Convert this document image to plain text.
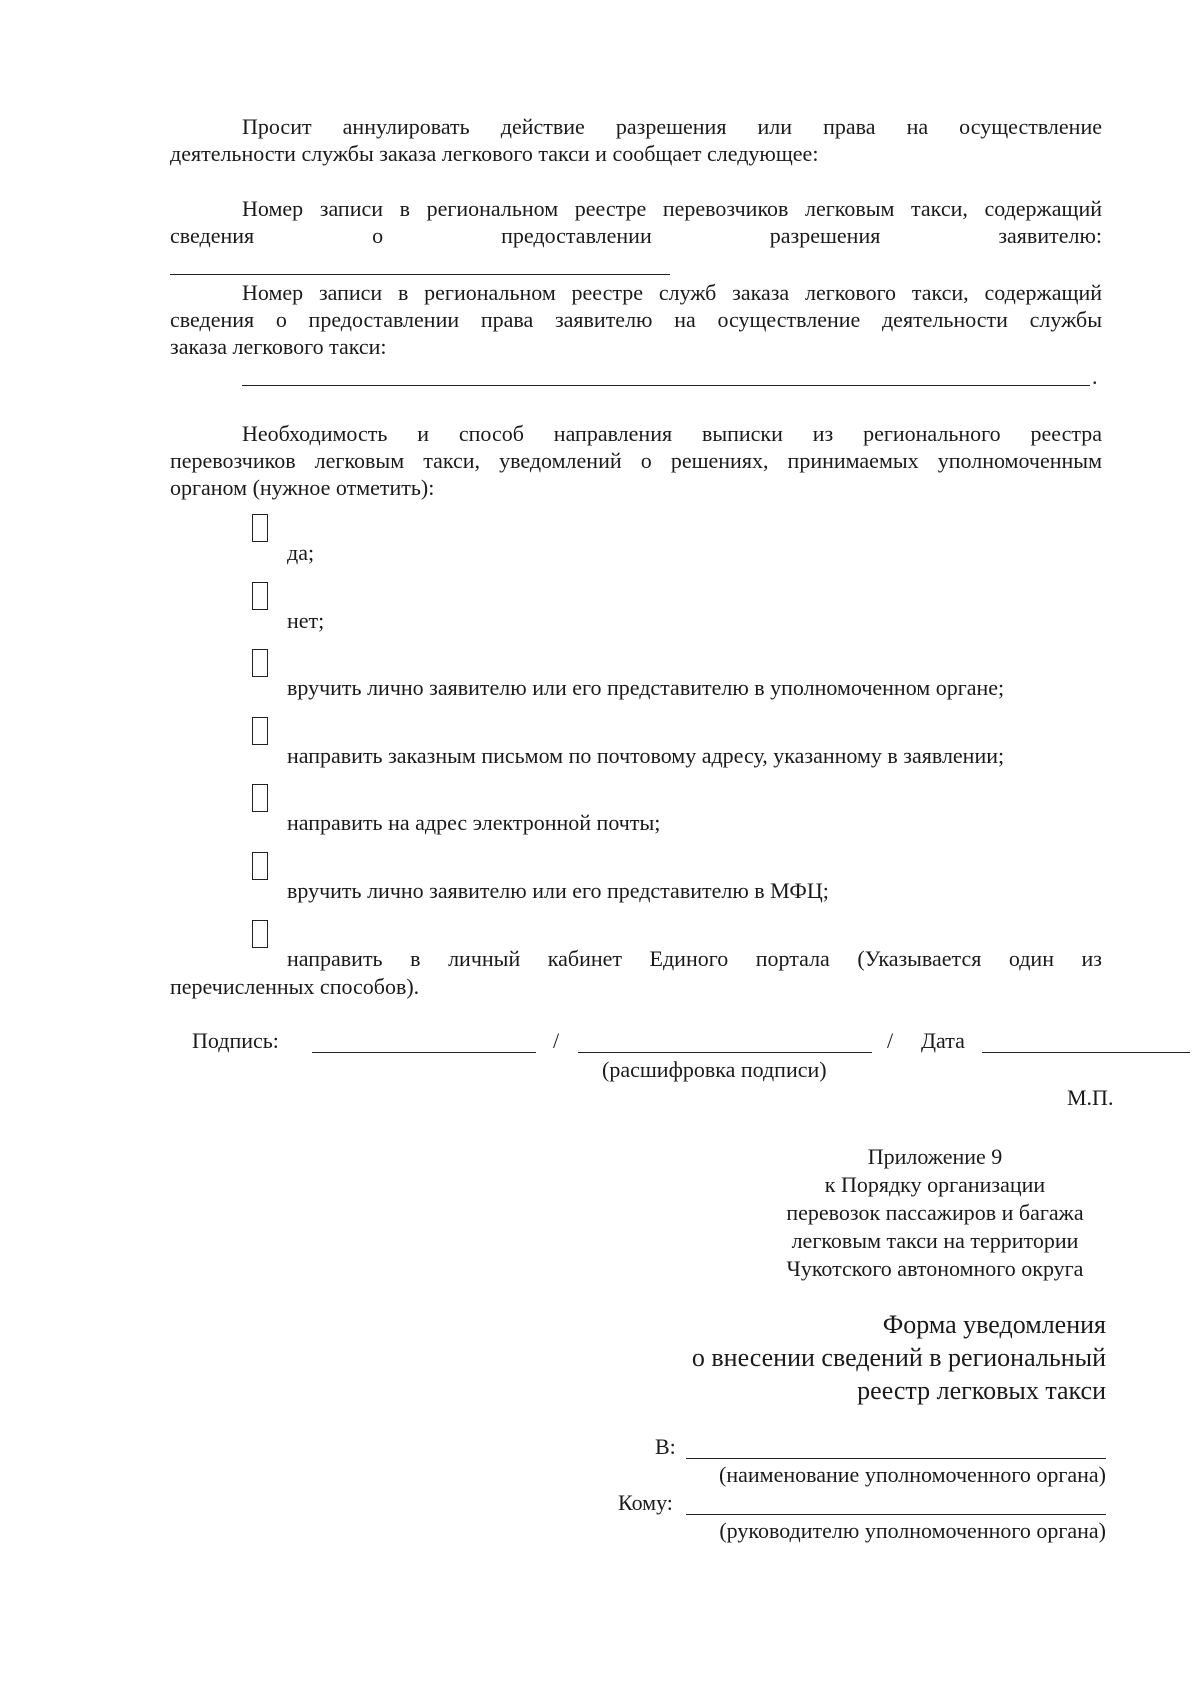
Просит аннулировать действие разрешения или права на осуществление
деятельности службы заказа легкового такси и сообщает следующее:
Номер записи в региональном реестре перевозчиков легковым такси, содержащий
сведения о предоставлении разрешения заявителю:
Номер записи в региональном реестре служб заказа легкового такси, содержащий
сведения о предоставлении права заявителю на осуществление деятельности службы
заказа легкового такси:
.
Необходимость и способ направления выписки из регионального реестра
перевозчиков легковым такси, уведомлений о решениях, принимаемых уполномоченным
органом (нужное отметить):
да;
нет;
вручить лично заявителю или его представителю в уполномоченном органе;
направить заказным письмом по почтовому адресу, указанному в заявлении;
направить на адрес электронной почты;
вручить лично заявителю или его представителю в МФЦ;
направить в личный кабинет Единого портала (Указывается один из
перечисленных способов).
Подпись:	/	/ Дата
(расшифровка подписи)
М.П.
Приложение 9
к Порядку организации
перевозок пассажиров и багажа
легковым такси на территории
Чукотского автономного округа
Форма уведомления
о внесении сведений в региональный
реестр легковых такси
В:
(наименование уполномоченного органа)
Кому:
(руководителю уполномоченного органа)
